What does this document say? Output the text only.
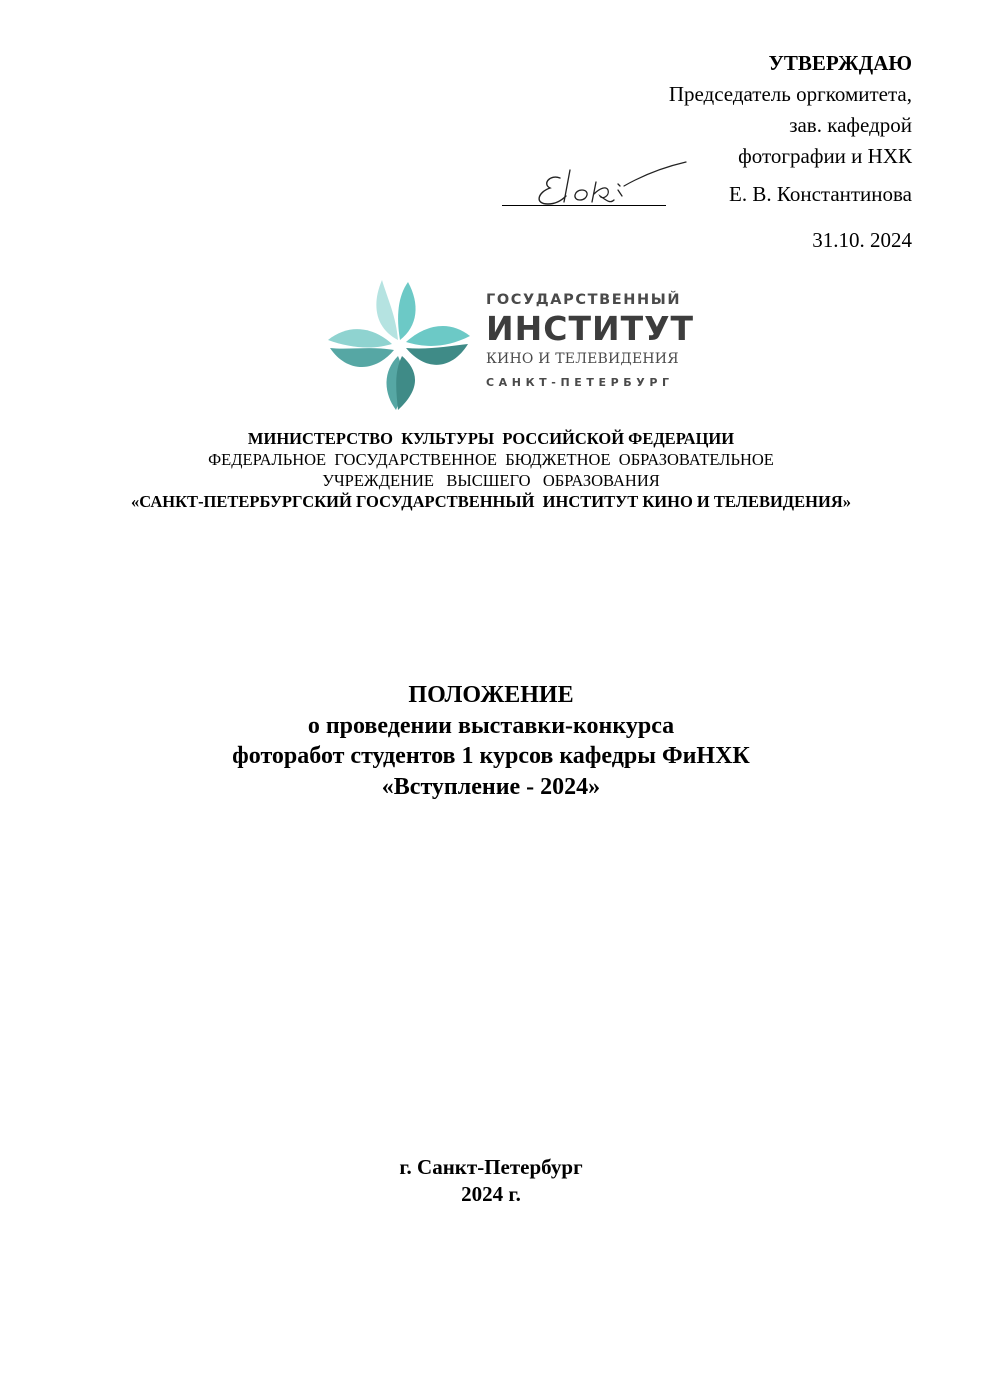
УТВЕРЖДАЮ
Председатель оргкомитета,
зав. кафедрой
фотографии и НХК
Е. В. Константинова
31.10. 2024
ГОСУДАРСТВЕННЫЙ
ИНСТИТУТ
КИНО И ТЕЛЕВИДЕНИЯ
САНКТ-ПЕТЕРБУРГ
МИНИСТЕРСТВО  КУЛЬТУРЫ  РОССИЙСКОЙ ФЕДЕРАЦИИ
ФЕДЕРАЛЬНОЕ  ГОСУДАРСТВЕННОЕ  БЮДЖЕТНОЕ  ОБРАЗОВАТЕЛЬНОЕ
УЧРЕЖДЕНИЕ   ВЫСШЕГО   ОБРАЗОВАНИЯ
«САНКТ-ПЕТЕРБУРГСКИЙ ГОСУДАРСТВЕННЫЙ  ИНСТИТУТ КИНО И ТЕЛЕВИДЕНИЯ»
ПОЛОЖЕНИЕ
о проведении выставки-конкурса
фоторабот студентов 1 курсов кафедры ФиНХК
«Вступление - 2024»
г. Санкт-Петербург
2024 г.
